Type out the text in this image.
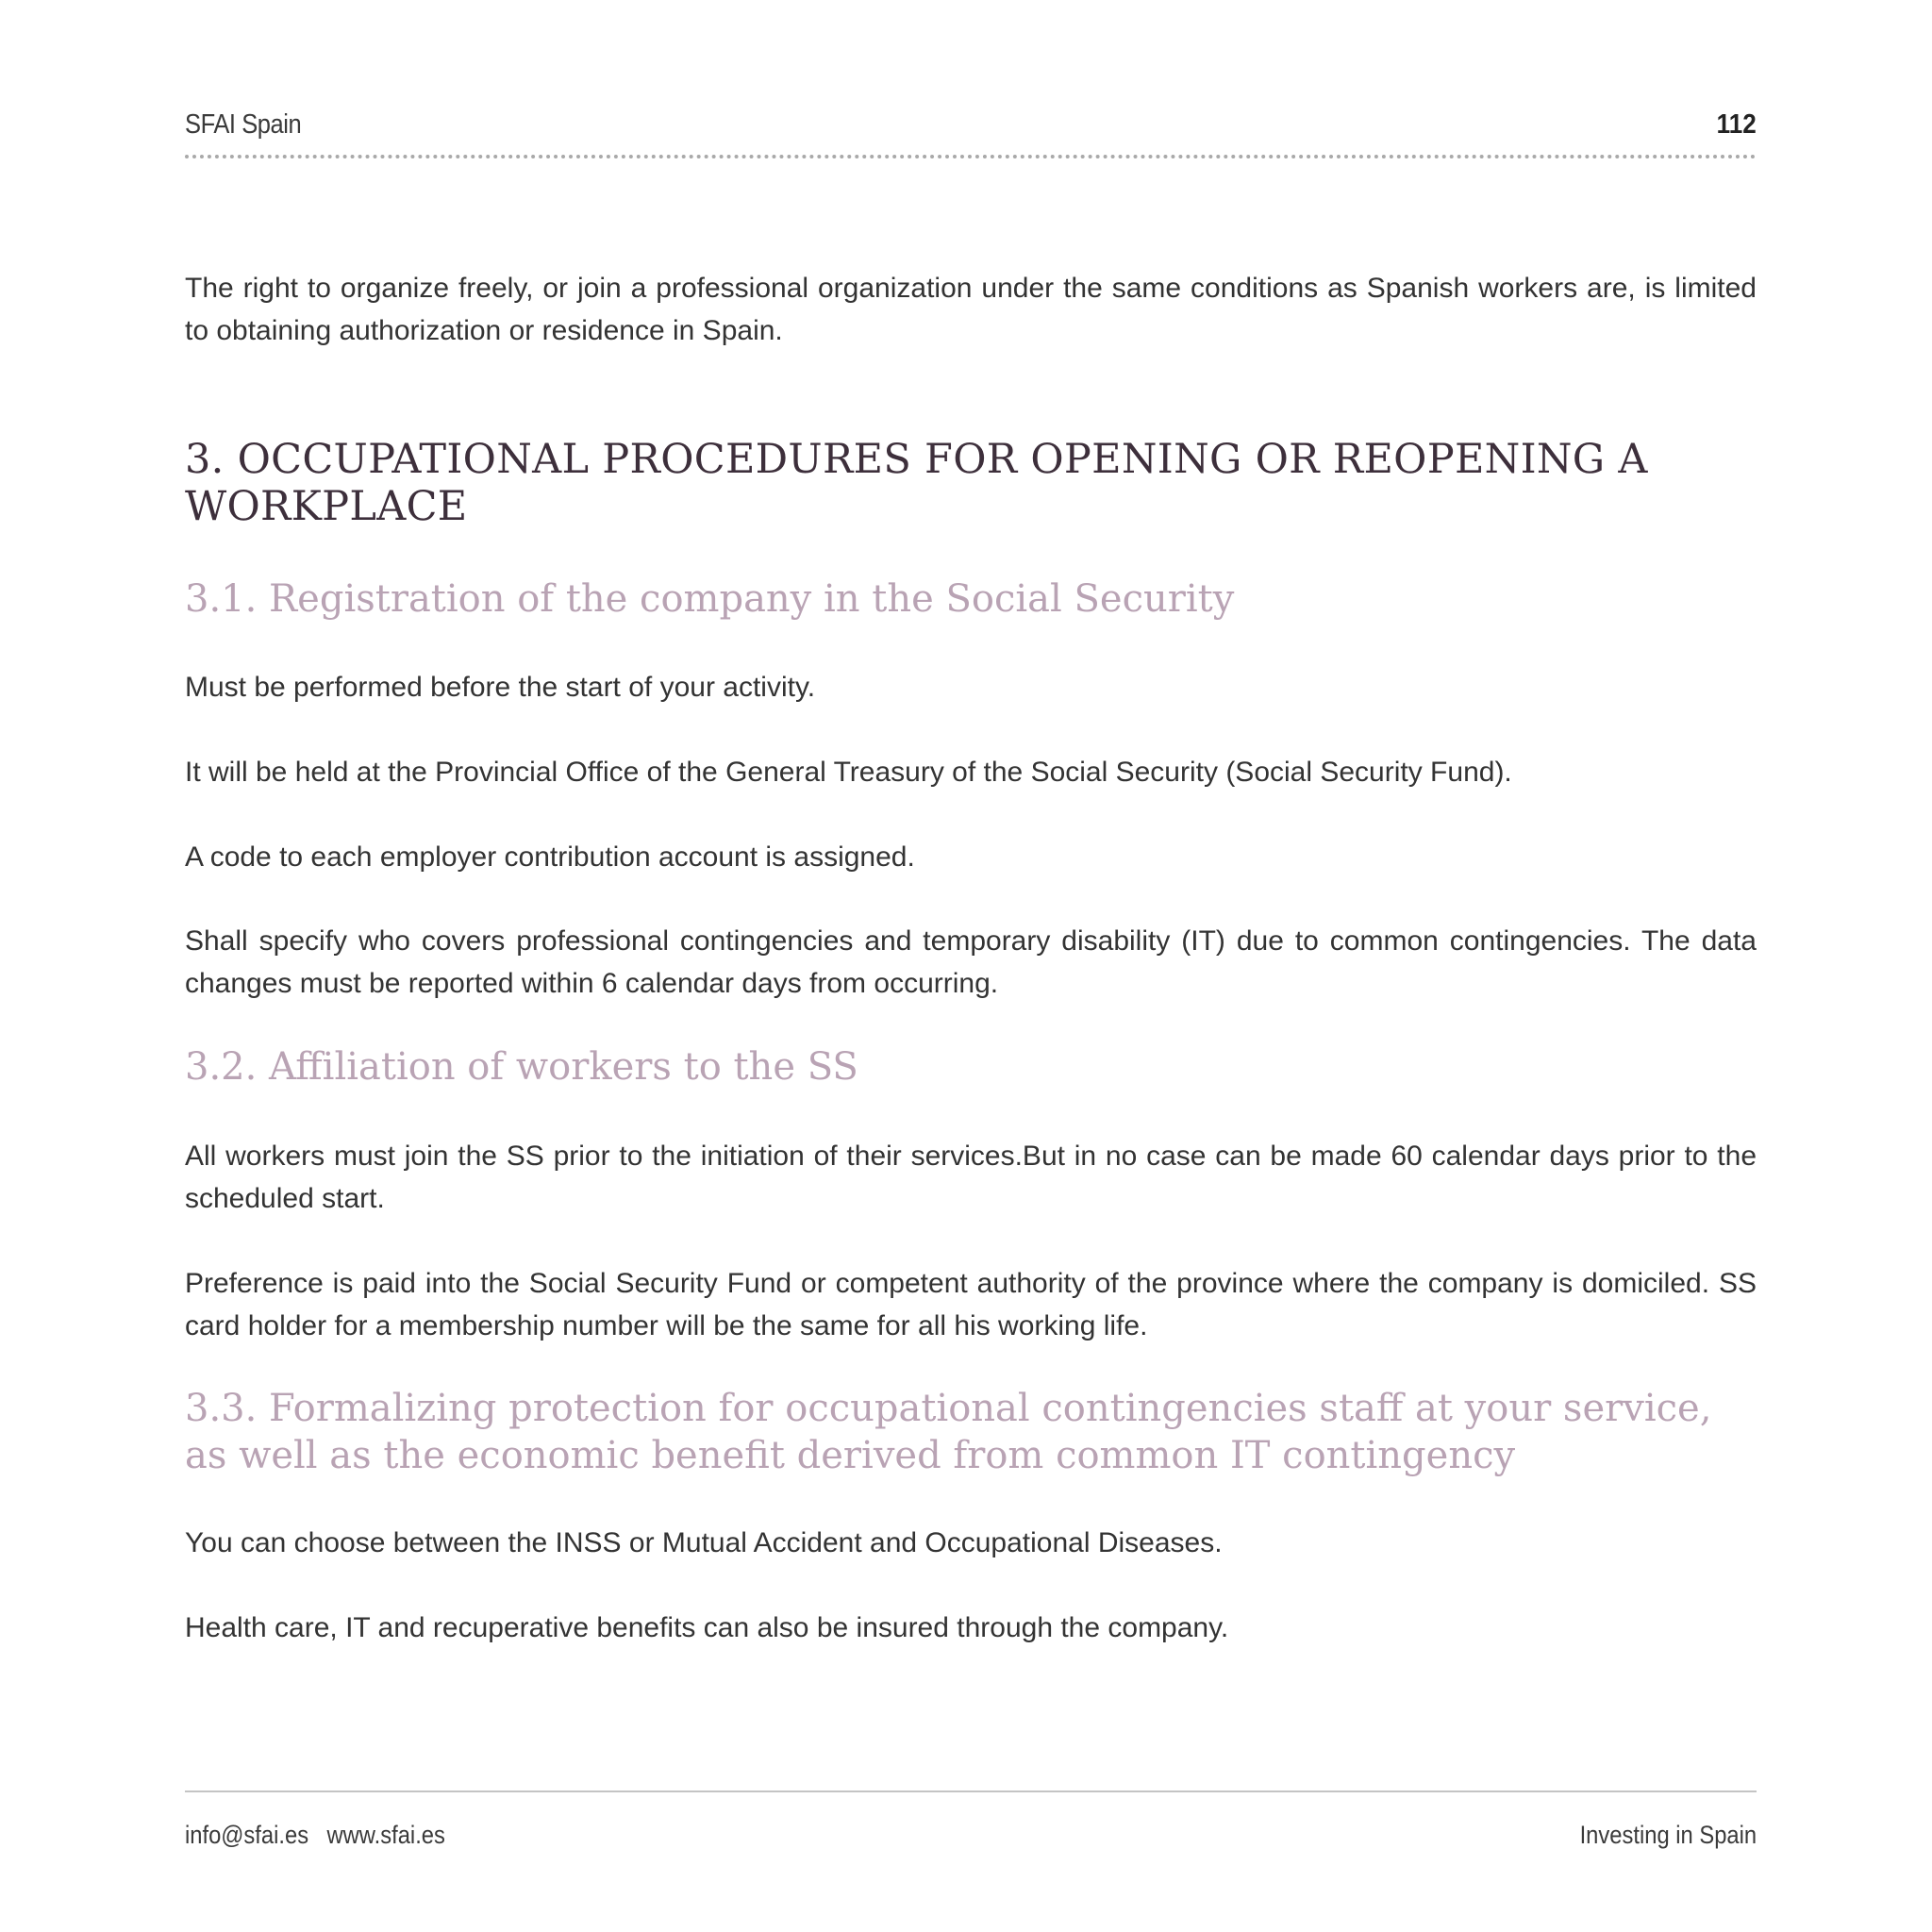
SFAI Spain	112

The right to organize freely, or join a professional organization under the same conditions as Spanish workers are, is limited to obtaining authorization or residence in Spain.

3. OCCUPATIONAL PROCEDURES FOR OPENING OR REOPENING A WORKPLACE
3.1. Registration of the company in the Social Security

Must be performed before the start of your activity.

It will be held at the Provincial Office of the General Treasury of the Social Security (Social Security Fund).

A code to each employer contribution account is assigned.

Shall specify who covers professional contingencies and temporary disability (IT) due to common contingencies. The data changes must be reported within 6 calendar days from occurring.

3.2. Affiliation of workers to the SS

All workers must join the SS prior to the initiation of their services.But in no case can be made 60 calendar days prior to the scheduled start.

Preference is paid into the Social Security Fund or competent authority of the province where the company is domiciled. SS card holder for a membership number will be the same for all his working life.

3.3. Formalizing protection for occupational contingencies staff at your service, as well as the economic benefit derived from common IT contingency

You can choose between the INSS or Mutual Accident and Occupational Diseases.

Health care, IT and recuperative benefits can also be insured through the company.

info@sfai.es www.sfai.es	Investing in Spain
